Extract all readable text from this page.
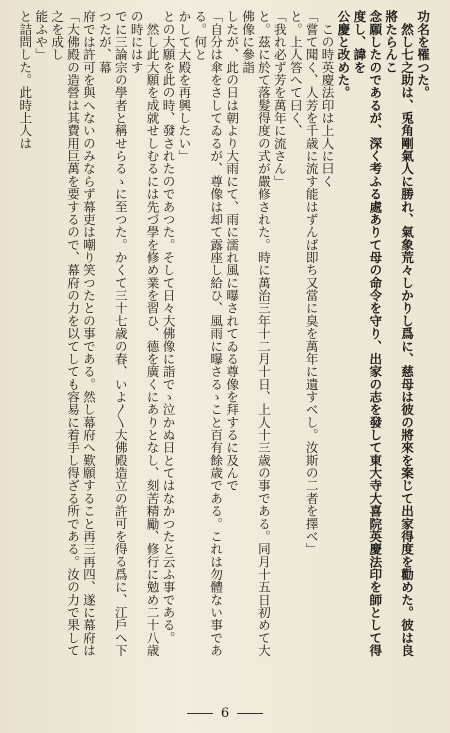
功名を罹つた。

　然し七之助は、兎角剛氣人に勝れ、氣象荒々しかりし爲に、慈母は彼の將來を案じて出家得度を勸めた。彼は良將たらんこ

念願したのであるが、深く考ふる處ありて母の命令を守り、出家の志を發して東大寺大喜院英慶法印を師として得度し、諱を

公慶と改めた。

　この時英慶法印は上人に曰く

「嘗て聞く、人芳を千歳に流す能はずんば即ち又當に臭を萬年に遺すべし。汝斯の二者を擇べ」

と。上人答へて曰く、

「我れ必ず芳を萬年に流さん」

と。茲に於て落髮得度の式が嚴修された。時に萬治三年十二月十日、上人十三歳の事である。同月十五日初めて大佛像に參詣

したが、此の日は朝より大雨にて、雨に濡れ風に曝されてゐる尊像を拜するに及んで

「自分は傘をさしてゐるが、尊像は却て露座し給ひ、風雨に曝さるゝこと百有餘歳である。これは勿體ない事である。何と

かして大殿を再興したい」

との大願を此の時、發されたのであつた。そして日々大佛像に詣でゝ泣かぬ日とてはなかつたと云ふ事である。

　然し此大願を成就せしむるには先づ學を修め業を習ひ、德を廣くにありとなし、刻苦精勵、修行に勉め二十八歳の時にはす

でに三論宗の學者と稱せらるゝに至つた。かくて三十七歳の春、いよ〳〵大佛殿造立の許可を得る爲に、江戶へ下つたが、幕

府では許可を與へないのみならず幕吏は嘲り笑つたとの事である。然し幕府へ歎願すること再三再四、遂に幕府は

「大佛殿の造營は其費用巨萬を要するので、幕府の力を以てしても容易に着手し得ざる所である。汝の力で果して之を成し

能ふや」

と詰問した。此時上人は

6
